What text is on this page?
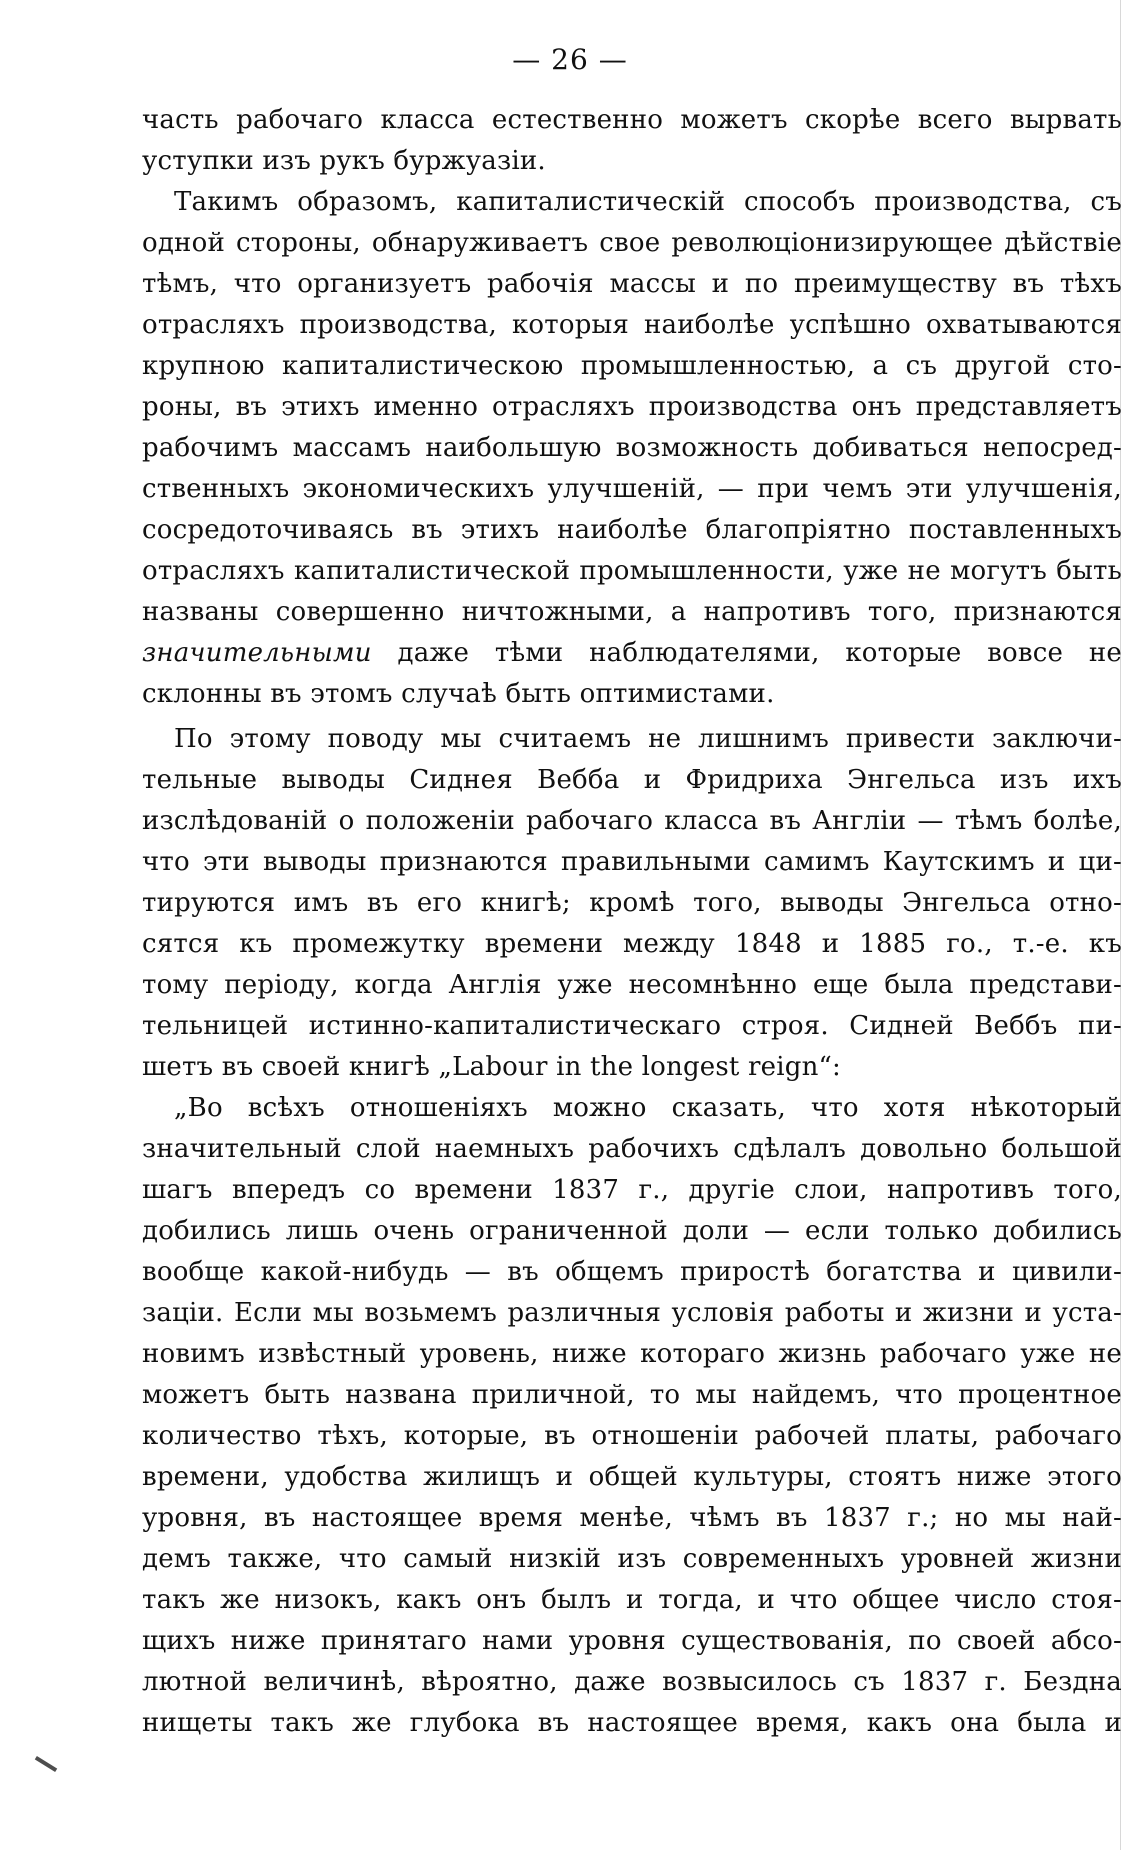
— 26 —
часть рабочаго класса естественно можетъ скорѣе всего вырвать
уступки изъ рукъ буржуазіи.
Такимъ образомъ, капиталистическій способъ производства, съ
одной стороны, обнаруживаетъ свое революціонизирующее дѣйствіе
тѣмъ, что организуетъ рабочія массы и по преимуществу въ тѣхъ
отрасляхъ производства, которыя наиболѣе успѣшно охватываются
крупною капиталистическою промышленностью, а съ другой сто-
роны, въ этихъ именно отрасляхъ производства онъ представляетъ
рабочимъ массамъ наибольшую возможность добиваться непосред-
ственныхъ экономическихъ улучшеній, — при чемъ эти улучшенія,
сосредоточиваясь въ этихъ наиболѣе благопріятно поставленныхъ
отрасляхъ капиталистической промышленности, уже не могутъ быть
названы совершенно ничтожными, а напротивъ того, признаются
значительными даже тѣми наблюдателями, которые вовсе не
склонны въ этомъ случаѣ быть оптимистами.
По этому поводу мы считаемъ не лишнимъ привести заключи-
тельные выводы Сиднея Вебба и Фридриха Энгельса изъ ихъ
изслѣдованій о положеніи рабочаго класса въ Англіи — тѣмъ болѣе,
что эти выводы признаются правильными самимъ Каутскимъ и ци-
тируются имъ въ его книгѣ; кромѣ того, выводы Энгельса отно-
сятся къ промежутку времени между 1848 и 1885 го., т.-е. къ
тому періоду, когда Англія уже несомнѣнно еще была представи-
тельницей истинно-капиталистическаго строя. Сидней Веббъ пи-
шетъ въ своей книгѣ „Labour in the longest reign“:
„Во всѣхъ отношеніяхъ можно сказать, что хотя нѣкоторый
значительный слой наемныхъ рабочихъ сдѣлалъ довольно большой
шагъ впередъ со времени 1837 г., другіе слои, напротивъ того,
добились лишь очень ограниченной доли — если только добились
вообще какой-нибудь — въ общемъ приростѣ богатства и цивили-
заціи. Если мы возьмемъ различныя условія работы и жизни и уста-
новимъ извѣстный уровень, ниже котораго жизнь рабочаго уже не
можетъ быть названа приличной, то мы найдемъ, что процентное
количество тѣхъ, которые, въ отношеніи рабочей платы, рабочаго
времени, удобства жилищъ и общей культуры, стоятъ ниже этого
уровня, въ настоящее время менѣе, чѣмъ въ 1837 г.; но мы най-
демъ также, что самый низкій изъ современныхъ уровней жизни
такъ же низокъ, какъ онъ былъ и тогда, и что общее число стоя-
щихъ ниже принятаго нами уровня существованія, по своей абсо-
лютной величинѣ, вѣроятно, даже возвысилось съ 1837 г. Бездна
нищеты такъ же глубока въ настоящее время, какъ она была и
